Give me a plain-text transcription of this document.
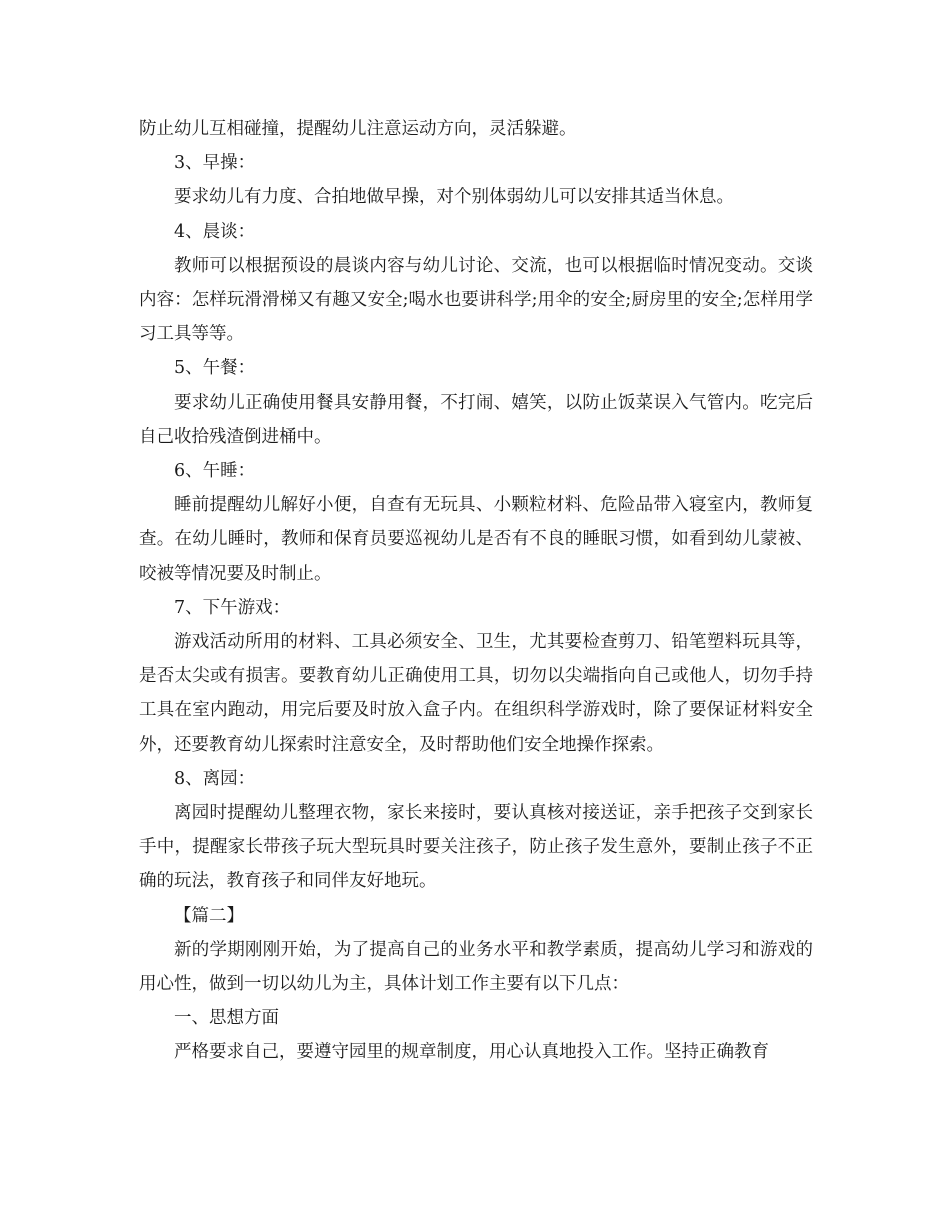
防止幼儿互相碰撞，提醒幼儿注意运动方向，灵活躲避。

3、早操：

要求幼儿有力度、合拍地做早操，对个别体弱幼儿可以安排其适当休息。

4、晨谈：

教师可以根据预设的晨谈内容与幼儿讨论、交流，也可以根据临时情况变动。交谈内容：怎样玩滑滑梯又有趣又安全;喝水也要讲科学;用伞的安全;厨房里的安全;怎样用学习工具等等。

5、午餐：

要求幼儿正确使用餐具安静用餐，不打闹、嬉笑，以防止饭菜误入气管内。吃完后自己收拾残渣倒进桶中。

6、午睡：

睡前提醒幼儿解好小便，自查有无玩具、小颗粒材料、危险品带入寝室内，教师复查。在幼儿睡时，教师和保育员要巡视幼儿是否有不良的睡眠习惯，如看到幼儿蒙被、咬被等情况要及时制止。

7、下午游戏：

游戏活动所用的材料、工具必须安全、卫生，尤其要检查剪刀、铅笔塑料玩具等，是否太尖或有损害。要教育幼儿正确使用工具，切勿以尖端指向自己或他人，切勿手持工具在室内跑动，用完后要及时放入盒子内。在组织科学游戏时，除了要保证材料安全外，还要教育幼儿探索时注意安全，及时帮助他们安全地操作探索。

8、离园：

离园时提醒幼儿整理衣物，家长来接时，要认真核对接送证，亲手把孩子交到家长手中，提醒家长带孩子玩大型玩具时要关注孩子，防止孩子发生意外，要制止孩子不正确的玩法，教育孩子和同伴友好地玩。

【篇二】

新的学期刚刚开始，为了提高自己的业务水平和教学素质，提高幼儿学习和游戏的用心性，做到一切以幼儿为主，具体计划工作主要有以下几点：

一、思想方面

严格要求自己，要遵守园里的规章制度，用心认真地投入工作。坚持正确教育
